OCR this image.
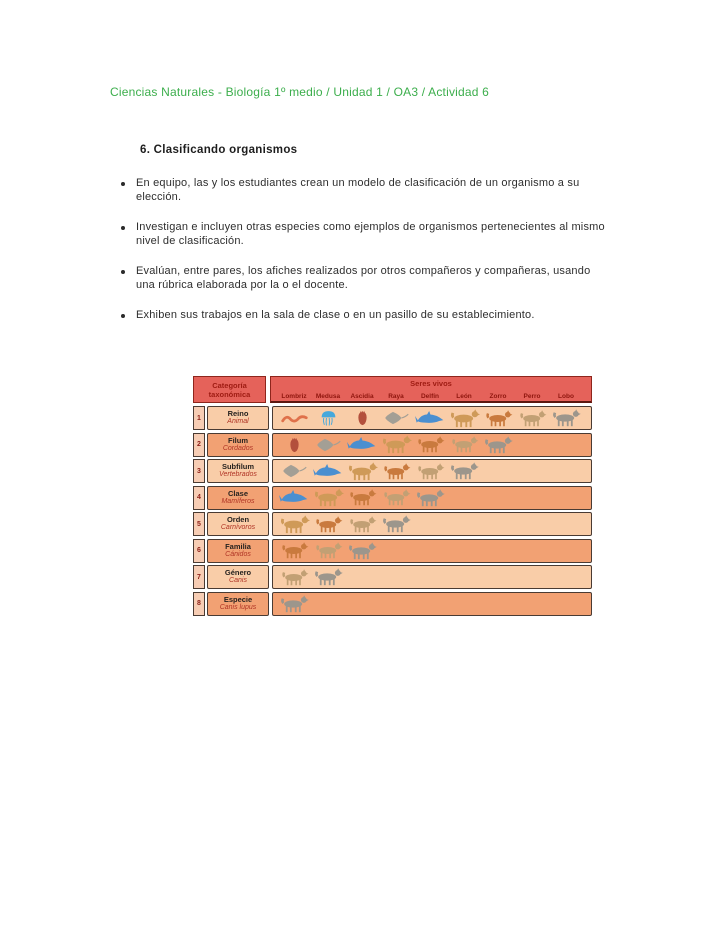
Ciencias Naturales - Biología 1º medio / Unidad 1 / OA3 / Actividad 6
6. Clasificando organismos
En equipo, las y los estudiantes crean un modelo de clasificación de un organismo a su elección.
Investigan e incluyen otras especies como ejemplos de organismos pertenecientes al mismo nivel de clasificación.
Evalúan, entre pares, los afiches realizados por otros compañeros y compañeras, usando una rúbrica elaborada por la o el docente.
Exhiben sus trabajos en la sala de clase o en un pasillo de su establecimiento.
Categoría
taxonómica
Seres vivos
Lombriz	Medusa	Ascidia	Raya	Delfín	León	Zorro	Perro	Lobo
1	Reino
Animal
2	Filum
Cordados
3	Subfilum
Vertebrados
4	Clase
Mamíferos
5	Orden
Carnívoros
6	Familia
Cánidos
7	Género
Canis
8	Especie
Canis lupus
